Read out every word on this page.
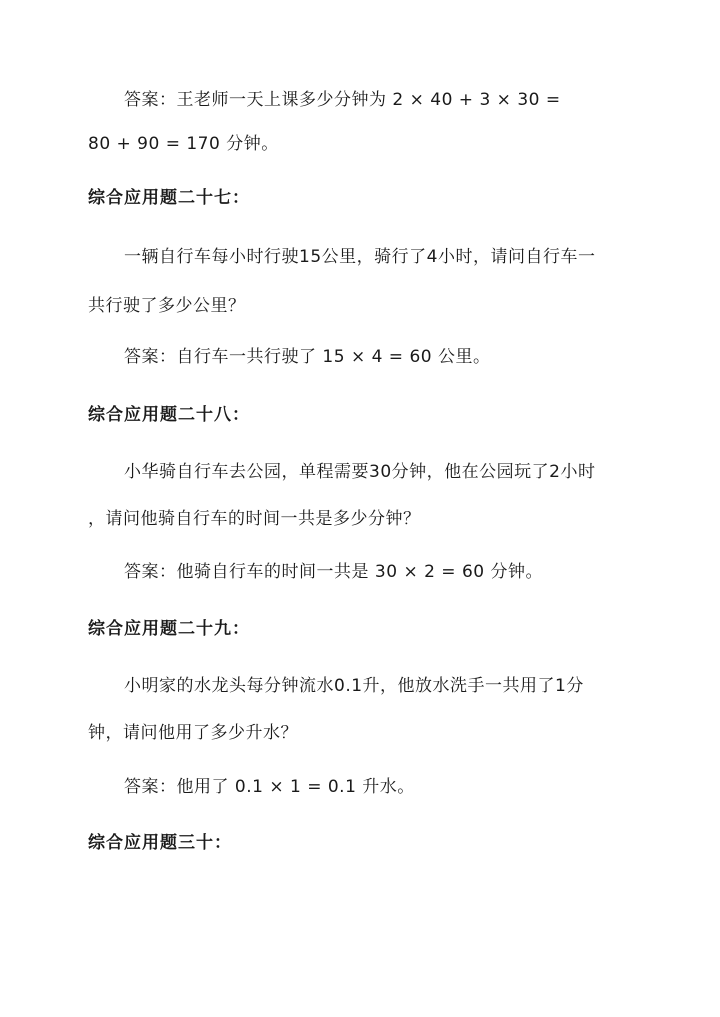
答案：王老师一天上课多少分钟为 2 × 40 + 3 × 30 =
80 + 90 = 170 分钟。
综合应用题二十七：
一辆自行车每小时行驶15公里，骑行了4小时，请问自行车一
共行驶了多少公里？
答案：自行车一共行驶了 15 × 4 = 60 公里。
综合应用题二十八：
小华骑自行车去公园，单程需要30分钟，他在公园玩了2小时
，请问他骑自行车的时间一共是多少分钟？
答案：他骑自行车的时间一共是 30 × 2 = 60 分钟。
综合应用题二十九：
小明家的水龙头每分钟流水0.1升，他放水洗手一共用了1分
钟，请问他用了多少升水？
答案：他用了 0.1 × 1 = 0.1 升水。
综合应用题三十：
